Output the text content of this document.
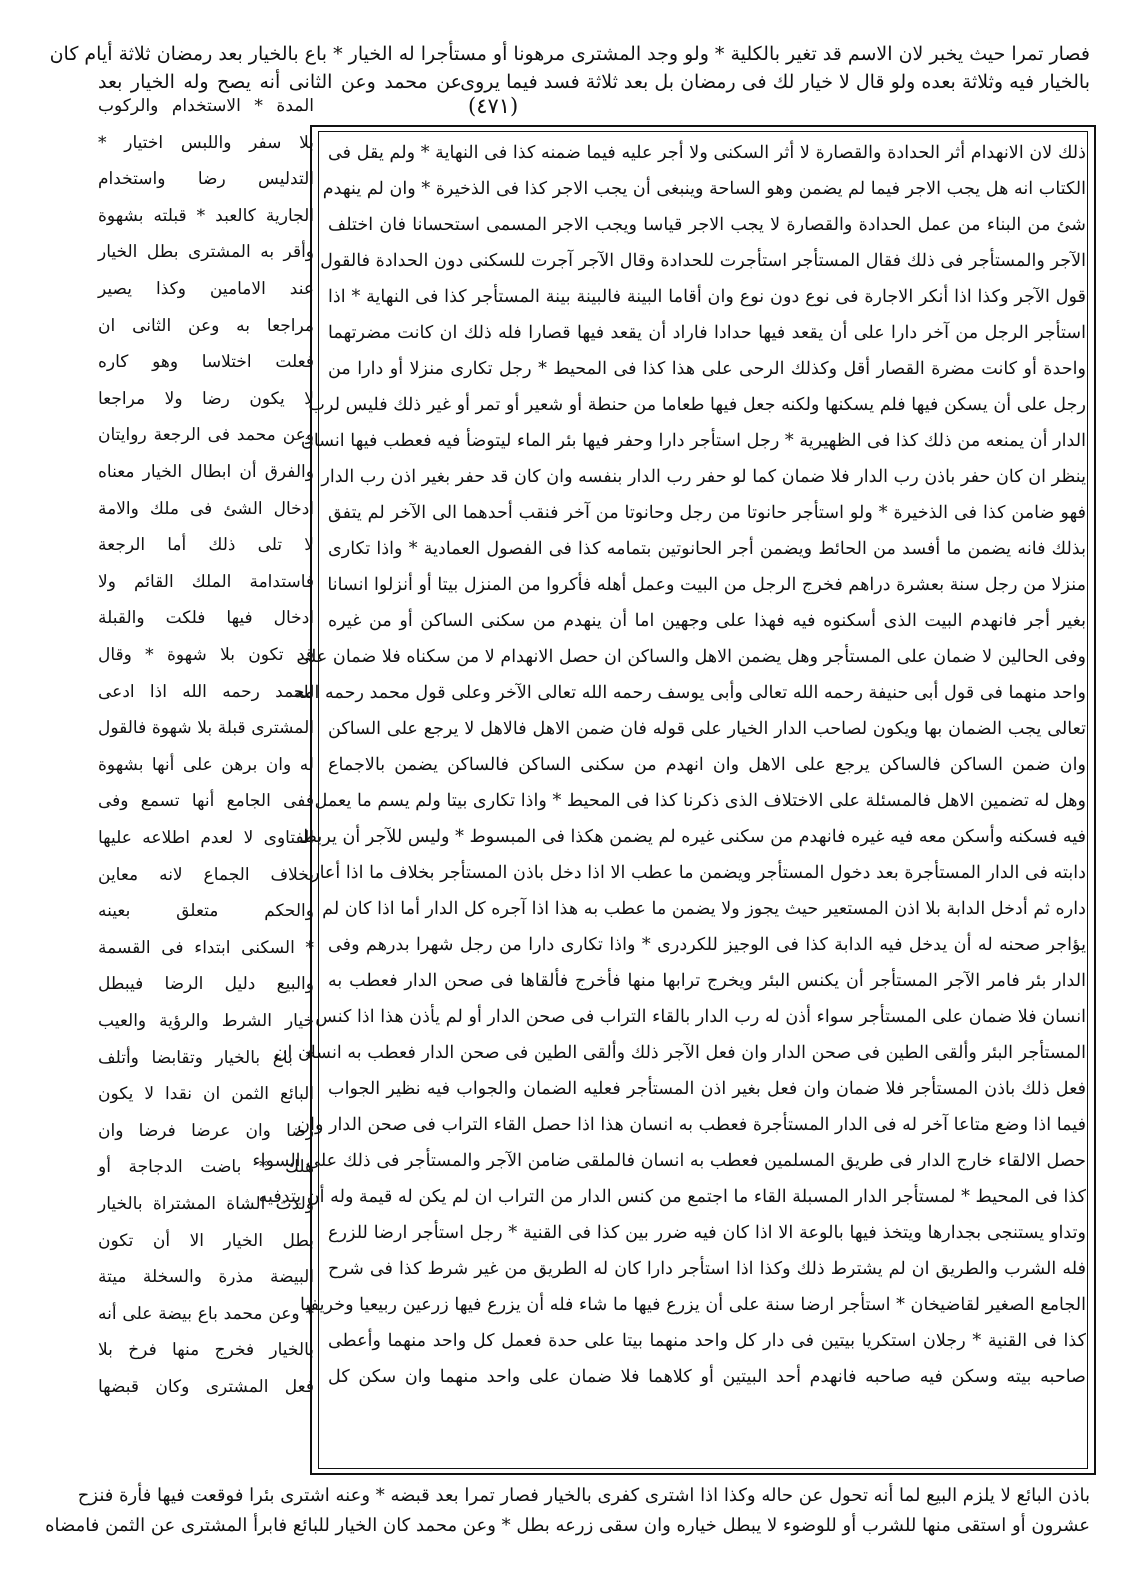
فصار تمرا حيث يخبر لان الاسم قد تغير بالكلية * ولو وجد المشترى مرهونا أو مستأجرا له الخيار * باع بالخيار بعد رمضان ثلاثة أيام كان
بالخيار فيه وثلاثة بعده ولو قال لا خيار لك فى رمضان بل بعد ثلاثة فسد فيما يروى
(٤٧١)
عن محمد وعن الثانى أنه يصح وله الخيار بعد
ذلك لان الانهدام أثر الحدادة والقصارة لا أثر السكنى ولا أجر عليه فيما ضمنه كذا فى النهاية * ولم يقل فى
الكتاب انه هل يجب الاجر فيما لم يضمن وهو الساحة وينبغى أن يجب الاجر كذا فى الذخيرة * وان لم ينهدم
شئ من البناء من عمل الحدادة والقصارة لا يجب الاجر قياسا ويجب الاجر المسمى استحسانا فان اختلف
الآجر والمستأجر فى ذلك فقال المستأجر استأجرت للحدادة وقال الآجر آجرت للسكنى دون الحدادة فالقول
قول الآجر وكذا اذا أنكر الاجارة فى نوع دون نوع وان أقاما البينة فالبينة بينة المستأجر كذا فى النهاية * اذا
استأجر الرجل من آخر دارا على أن يقعد فيها حدادا فاراد أن يقعد فيها قصارا فله ذلك ان كانت مضرتهما
واحدة أو كانت مضرة القصار أقل وكذلك الرحى على هذا كذا فى المحيط * رجل تكارى منزلا أو دارا من
رجل على أن يسكن فيها فلم يسكنها ولكنه جعل فيها طعاما من حنطة أو شعير أو تمر أو غير ذلك فليس لرب
الدار أن يمنعه من ذلك كذا فى الظهيرية * رجل استأجر دارا وحفر فيها بئر الماء ليتوضأ فيه فعطب فيها انسان
ينظر ان كان حفر باذن رب الدار فلا ضمان كما لو حفر رب الدار بنفسه وان كان قد حفر بغير اذن رب الدار
فهو ضامن كذا فى الذخيرة * ولو استأجر حانوتا من رجل وحانوتا من آخر فنقب أحدهما الى الآخر لم يتفق
بذلك فانه يضمن ما أفسد من الحائط ويضمن أجر الحانوتين بتمامه كذا فى الفصول العمادية * واذا تكارى
منزلا من رجل سنة بعشرة دراهم فخرج الرجل من البيت وعمل أهله فأكروا من المنزل بيتا أو أنزلوا انسانا
بغير أجر فانهدم البيت الذى أسكنوه فيه فهذا على وجهين اما أن ينهدم من سكنى الساكن أو من غيره
وفى الحالين لا ضمان على المستأجر وهل يضمن الاهل والساكن ان حصل الانهدام لا من سكناه فلا ضمان على
واحد منهما فى قول أبى حنيفة رحمه الله تعالى وأبى يوسف رحمه الله تعالى الآخر وعلى قول محمد رحمه الله
تعالى يجب الضمان بها ويكون لصاحب الدار الخيار على قوله فان ضمن الاهل فالاهل لا يرجع على الساكن
وان ضمن الساكن فالساكن يرجع على الاهل وان انهدم من سكنى الساكن فالساكن يضمن بالاجماع
وهل له تضمين الاهل فالمسئلة على الاختلاف الذى ذكرنا كذا فى المحيط * واذا تكارى بيتا ولم يسم ما يعمل
فيه فسكنه وأسكن معه فيه غيره فانهدم من سكنى غيره لم يضمن هكذا فى المبسوط * وليس للآجر أن يربط
دابته فى الدار المستأجرة بعد دخول المستأجر ويضمن ما عطب الا اذا دخل باذن المستأجر بخلاف ما اذا أعار
داره ثم أدخل الدابة بلا اذن المستعير حيث يجوز ولا يضمن ما عطب به هذا اذا آجره كل الدار أما اذا كان لم
يؤاجر صحنه له أن يدخل فيه الدابة كذا فى الوجيز للكردرى * واذا تكارى دارا من رجل شهرا بدرهم وفى
الدار بئر فامر الآجر المستأجر أن يكنس البئر ويخرج ترابها منها فأخرج فألقاها فى صحن الدار فعطب به
انسان فلا ضمان على المستأجر سواء أذن له رب الدار بالقاء التراب فى صحن الدار أو لم يأذن هذا اذا كنس
المستأجر البئر وألقى الطين فى صحن الدار وان فعل الآجر ذلك وألقى الطين فى صحن الدار فعطب به انسان ان
فعل ذلك باذن المستأجر فلا ضمان وان فعل بغير اذن المستأجر فعليه الضمان والجواب فيه نظير الجواب
فيما اذا وضع متاعا آخر له فى الدار المستأجرة فعطب به انسان هذا اذا حصل القاء التراب فى صحن الدار وان
حصل الالقاء خارج الدار فى طريق المسلمين فعطب به انسان فالملقى ضامن الآجر والمستأجر فى ذلك على السواء
كذا فى المحيط * لمستأجر الدار المسبلة القاء ما اجتمع من كنس الدار من التراب ان لم يكن له قيمة وله أن يتدفيه
وتداو يستنجى بجدارها ويتخذ فيها بالوعة الا اذا كان فيه ضرر بين كذا فى القنية * رجل استأجر ارضا للزرع
فله الشرب والطريق ان لم يشترط ذلك وكذا اذا استأجر دارا كان له الطريق من غير شرط كذا فى شرح
الجامع الصغير لقاضيخان * استأجر ارضا سنة على أن يزرع فيها ما شاء فله أن يزرع فيها زرعين ربيعيا وخريفيا
كذا فى القنية * رجلان استكريا بيتين فى دار كل واحد منهما بيتا على حدة فعمل كل واحد منهما وأعطى
صاحبه بيته وسكن فيه صاحبه فانهدم أحد البيتين أو كلاهما فلا ضمان على واحد منهما وان سكن كل
المدة * الاستخدام والركوب
بلا سفر واللبس اختيار *
التدليس رضا واستخدام
الجارية كالعبد * قبلته بشهوة
وأقر به المشترى بطل الخيار
عند الامامين وكذا يصير
مراجعا به وعن الثانى ان
فعلت اختلاسا وهو كاره
لا يكون رضا ولا مراجعا
وعن محمد فى الرجعة روايتان
والفرق أن ابطال الخيار معناه
ادخال الشئ فى ملك والامة
لا تلى ذلك أما الرجعة
فاستدامة الملك القائم ولا
ادخال فيها فلكت والقبلة
قد تكون بلا شهوة * وقال
محمد رحمه الله اذا ادعى
المشترى قبلة بلا شهوة فالقول
له وان برهن على أنها بشهوة
ففى الجامع أنها تسمع وفى
الفتاوى لا لعدم اطلاعه عليها
بخلاف الجماع لانه معاين
والحكم متعلق بعينه
* السكنى ابتداء فى القسمة
والبيع دليل الرضا فيبطل
خيار الشرط والرؤية والعيب
* باع بالخيار وتقابضا وأتلف
البائع الثمن ان نقدا لا يكون
رضا وان عرضا فرضا وان
هلك * باضت الدجاجة أو
ولدت الشاة المشتراة بالخيار
بطل الخيار الا أن تكون
البيضة مذرة والسخلة ميتة
* وعن محمد باع بيضة على أنه
بالخيار فخرج منها فرخ بلا
فعل المشترى وكان قبضها
باذن البائع لا يلزم البيع لما أنه تحول عن حاله وكذا اذا اشترى كفرى بالخيار فصار تمرا بعد قبضه * وعنه اشترى بئرا فوقعت فيها فأرة فنزح
عشرون أو استقى منها للشرب أو للوضوء لا يبطل خياره وان سقى زرعه بطل * وعن محمد كان الخيار للبائع فابرأ المشترى عن الثمن فامضاه
